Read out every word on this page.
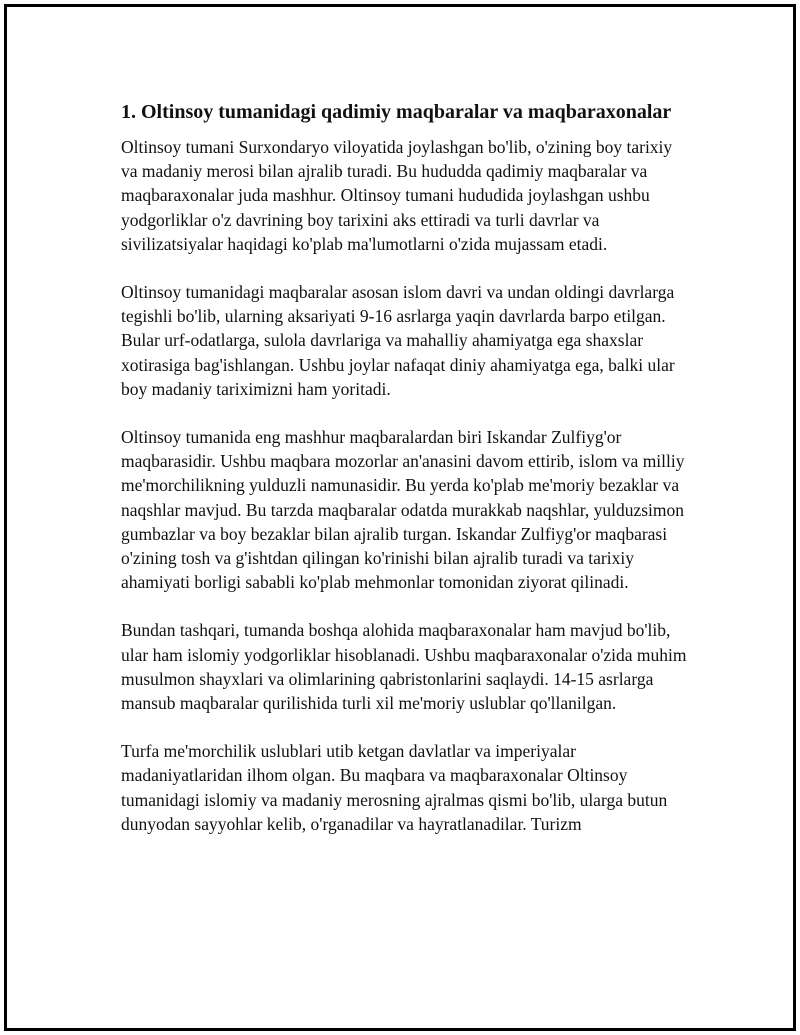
1. Oltinsoy tumanidagi qadimiy maqbaralar va maqbaraxonalar

Oltinsoy tumani Surxondaryo viloyatida joylashgan bo'lib, o'zining boy tarixiy va madaniy merosi bilan ajralib turadi. Bu hududda qadimiy maqbaralar va maqbaraxonalar juda mashhur. Oltinsoy tumani hududida joylashgan ushbu yodgorliklar o'z davrining boy tarixini aks ettiradi va turli davrlar va sivilizatsiyalar haqidagi ko'plab ma'lumotlarni o'zida mujassam etadi.

Oltinsoy tumanidagi maqbaralar asosan islom davri va undan oldingi davrlarga tegishli bo'lib, ularning aksariyati 9-16 asrlarga yaqin davrlarda barpo etilgan. Bular urf-odatlarga, sulola davrlariga va mahalliy ahamiyatga ega shaxslar xotirasiga bag'ishlangan. Ushbu joylar nafaqat diniy ahamiyatga ega, balki ular boy madaniy tariximizni ham yoritadi.

Oltinsoy tumanida eng mashhur maqbaralardan biri Iskandar Zulfiyg'or maqbarasidir. Ushbu maqbara mozorlar an'anasini davom ettirib, islom va milliy me'morchilikning yulduzli namunasidir. Bu yerda ko'plab me'moriy bezaklar va naqshlar mavjud. Bu tarzda maqbaralar odatda murakkab naqshlar, yulduzsimon gumbazlar va boy bezaklar bilan ajralib turgan. Iskandar Zulfiyg'or maqbarasi o'zining tosh va g'ishtdan qilingan ko'rinishi bilan ajralib turadi va tarixiy ahamiyati borligi sababli ko'plab mehmonlar tomonidan ziyorat qilinadi.

Bundan tashqari, tumanda boshqa alohida maqbaraxonalar ham mavjud bo'lib, ular ham islomiy yodgorliklar hisoblanadi. Ushbu maqbaraxonalar o'zida muhim musulmon shayxlari va olimlarining qabristonlarini saqlaydi. 14-15 asrlarga mansub maqbaralar qurilishida turli xil me'moriy uslublar qo'llanilgan.

Turfa me'morchilik uslublari utib ketgan davlatlar va imperiyalar madaniyatlaridan ilhom olgan. Bu maqbara va maqbaraxonalar Oltinsoy tumanidagi islomiy va madaniy merosning ajralmas qismi bo'lib, ularga butun dunyodan sayyohlar kelib, o'rganadilar va hayratlanadilar. Turizm
